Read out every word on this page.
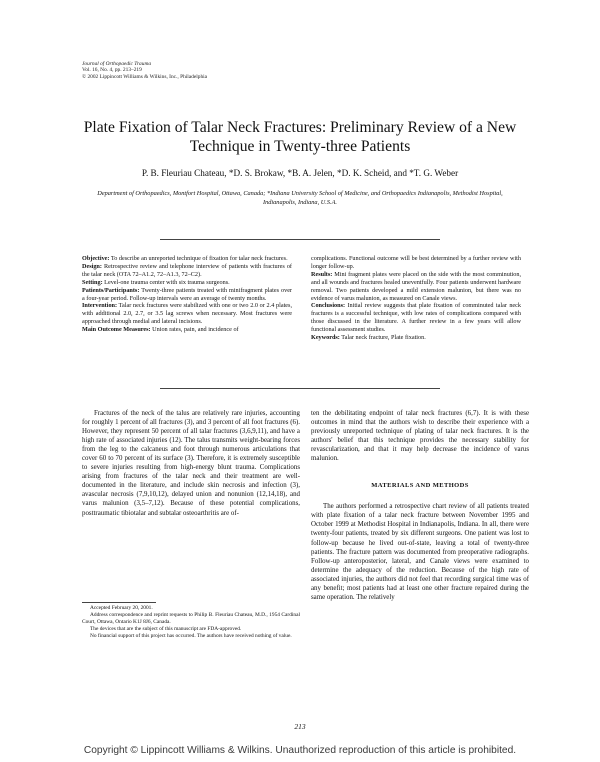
Journal of Orthopaedic Trauma
Vol. 16, No. 4, pp. 213–219
© 2002 Lippincott Williams & Wilkins, Inc., Philadelphia
Plate Fixation of Talar Neck Fractures: Preliminary Review of a New Technique in Twenty-three Patients
P. B. Fleuriau Chateau, *D. S. Brokaw, *B. A. Jelen, *D. K. Scheid, and *T. G. Weber
Department of Orthopaedics, Montfort Hospital, Ottawa, Canada; *Indiana University School of Medicine, and Orthopaedics Indianapolis, Methodist Hospital, Indianapolis, Indiana, U.S.A.

Objective: To describe an unreported technique of fixation for talar neck fractures.

Design: Retrospective review and telephone interview of patients with fractures of the talar neck (OTA 72–A1.2, 72–A1.3, 72–C2).

Setting: Level-one trauma center with six trauma surgeons.

Patients/Participants: Twenty-three patients treated with minifragment plates over a four-year period. Follow-up intervals were an average of twenty months.

Intervention: Talar neck fractures were stabilized with one or two 2.0 or 2.4 plates, with additional 2.0, 2.7, or 3.5 lag screws when necessary. Most fractures were approached through medial and lateral incisions.

Main Outcome Measures: Union rates, pain, and incidence of

complications. Functional outcome will be best determined by a further review with longer follow-up.

Results: Mini fragment plates were placed on the side with the most comminution, and all wounds and fractures healed uneventfully. Four patients underwent hardware removal. Two patients developed a mild extension malunion, but there was no evidence of varus malunion, as measured on Canale views.

Conclusions: Initial review suggests that plate fixation of comminuted talar neck fractures is a successful technique, with low rates of complications compared with those discussed in the literature. A further review in a few years will allow functional assessment studies.

Keywords: Talar neck fracture, Plate fixation.

Fractures of the neck of the talus are relatively rare injuries, accounting for roughly 1 percent of all fractures (3), and 3 percent of all foot fractures (6). However, they represent 50 percent of all talar fractures (3,6,9,11), and have a high rate of associated injuries (12). The talus transmits weight-bearing forces from the leg to the calcaneus and foot through numerous articulations that cover 60 to 70 percent of its surface (3). Therefore, it is extremely susceptible to severe injuries resulting from high-energy blunt trauma. Complications arising from fractures of the talar neck and their treatment are well-documented in the literature, and include skin necrosis and infection (3), avascular necrosis (7,9,10,12), delayed union and nonunion (12,14,18), and varus malunion (3,5–7,12). Because of these potential complications, posttraumatic tibiotalar and subtalar osteoarthritis are of-

ten the debilitating endpoint of talar neck fractures (6,7). It is with these outcomes in mind that the authors wish to describe their experience with a previously unreported technique of plating of talar neck fractures. It is the authors' belief that this technique provides the necessary stability for revascularization, and that it may help decrease the incidence of varus malunion.

MATERIALS AND METHODS

The authors performed a retrospective chart review of all patients treated with plate fixation of a talar neck fracture between November 1995 and October 1999 at Methodist Hospital in Indianapolis, Indiana. In all, there were twenty-four patients, treated by six different surgeons. One patient was lost to follow-up because he lived out-of-state, leaving a total of twenty-three patients. The fracture pattern was documented from preoperative radiographs. Follow-up anteroposterior, lateral, and Canale views were examined to determine the adequacy of the reduction. Because of the high rate of associated injuries, the authors did not feel that recording surgical time was of any benefit; most patients had at least one other fracture repaired during the same operation. The relatively

Accepted February 20, 2001.

Address correspondence and reprint requests to Philip B. Fleuriau Chateau, M.D., 1954 Cardinal Court, Ottawa, Ontario K1J 8J6, Canada.

The devices that are the subject of this manuscript are FDA-approved.

No financial support of this project has occurred. The authors have received nothing of value.

213
Copyright © Lippincott Williams & Wilkins. Unauthorized reproduction of this article is prohibited.
